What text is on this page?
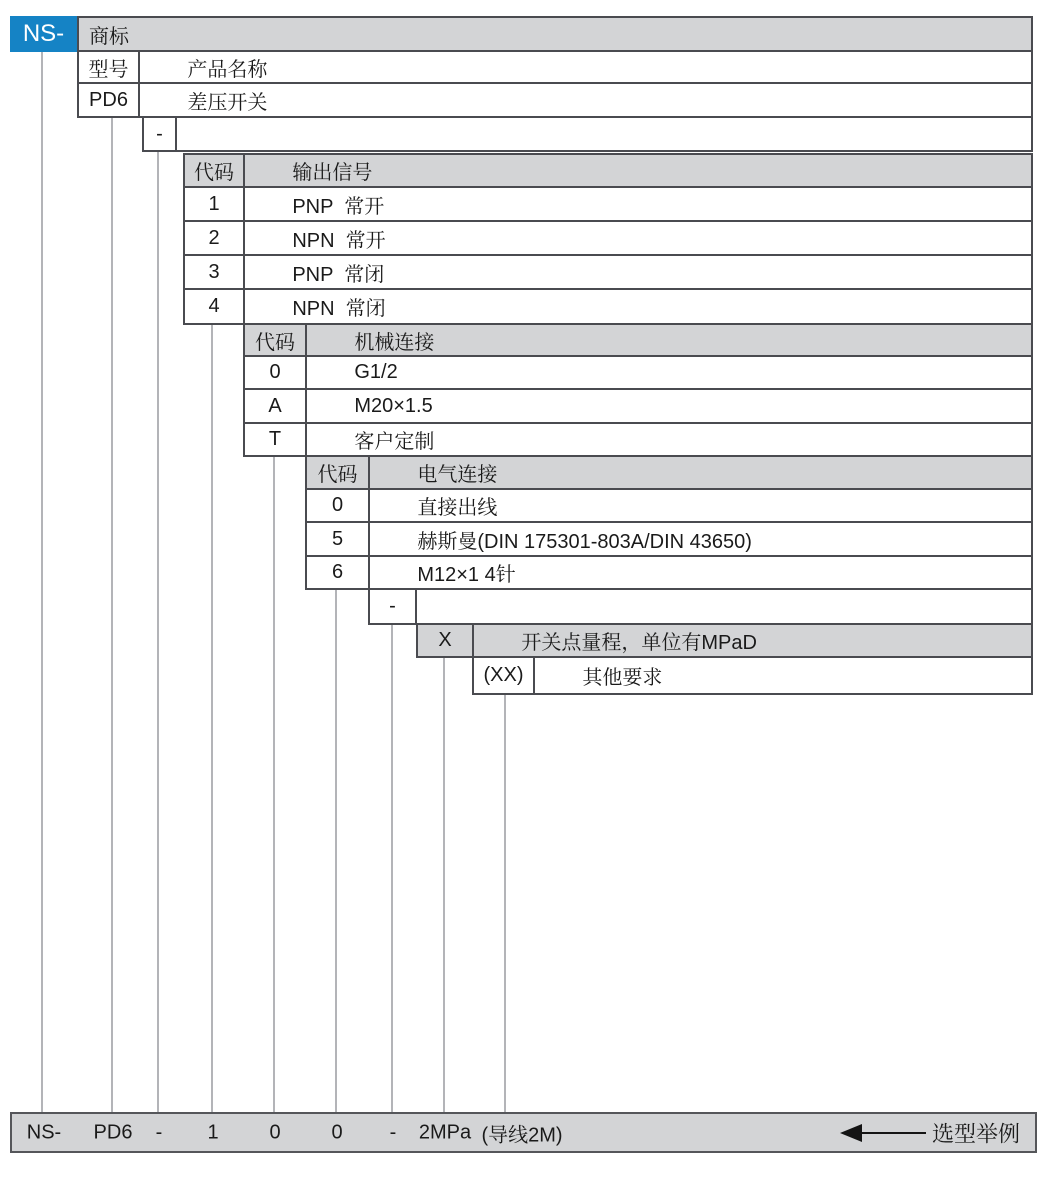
NS-	商标
型号	产品名称

PD6	差压开关

-
代码	输出信号

1	PNP  常开

2	NPN  常开

3	PNP  常闭

4	NPN  常闭

代码	机械连接

0	G1/2

A	M20×1.5

T	客户定制

代码	电气连接

0	直接出线

5	赫斯曼(DIN 175301-803A/DIN 43650)

6	M12×1 4针

-
X	开关点量程，单位有MPaD

(XX)	其他要求

NS- PD6 - 1	0	0 - 2MPa (导线2M)	选型举例
